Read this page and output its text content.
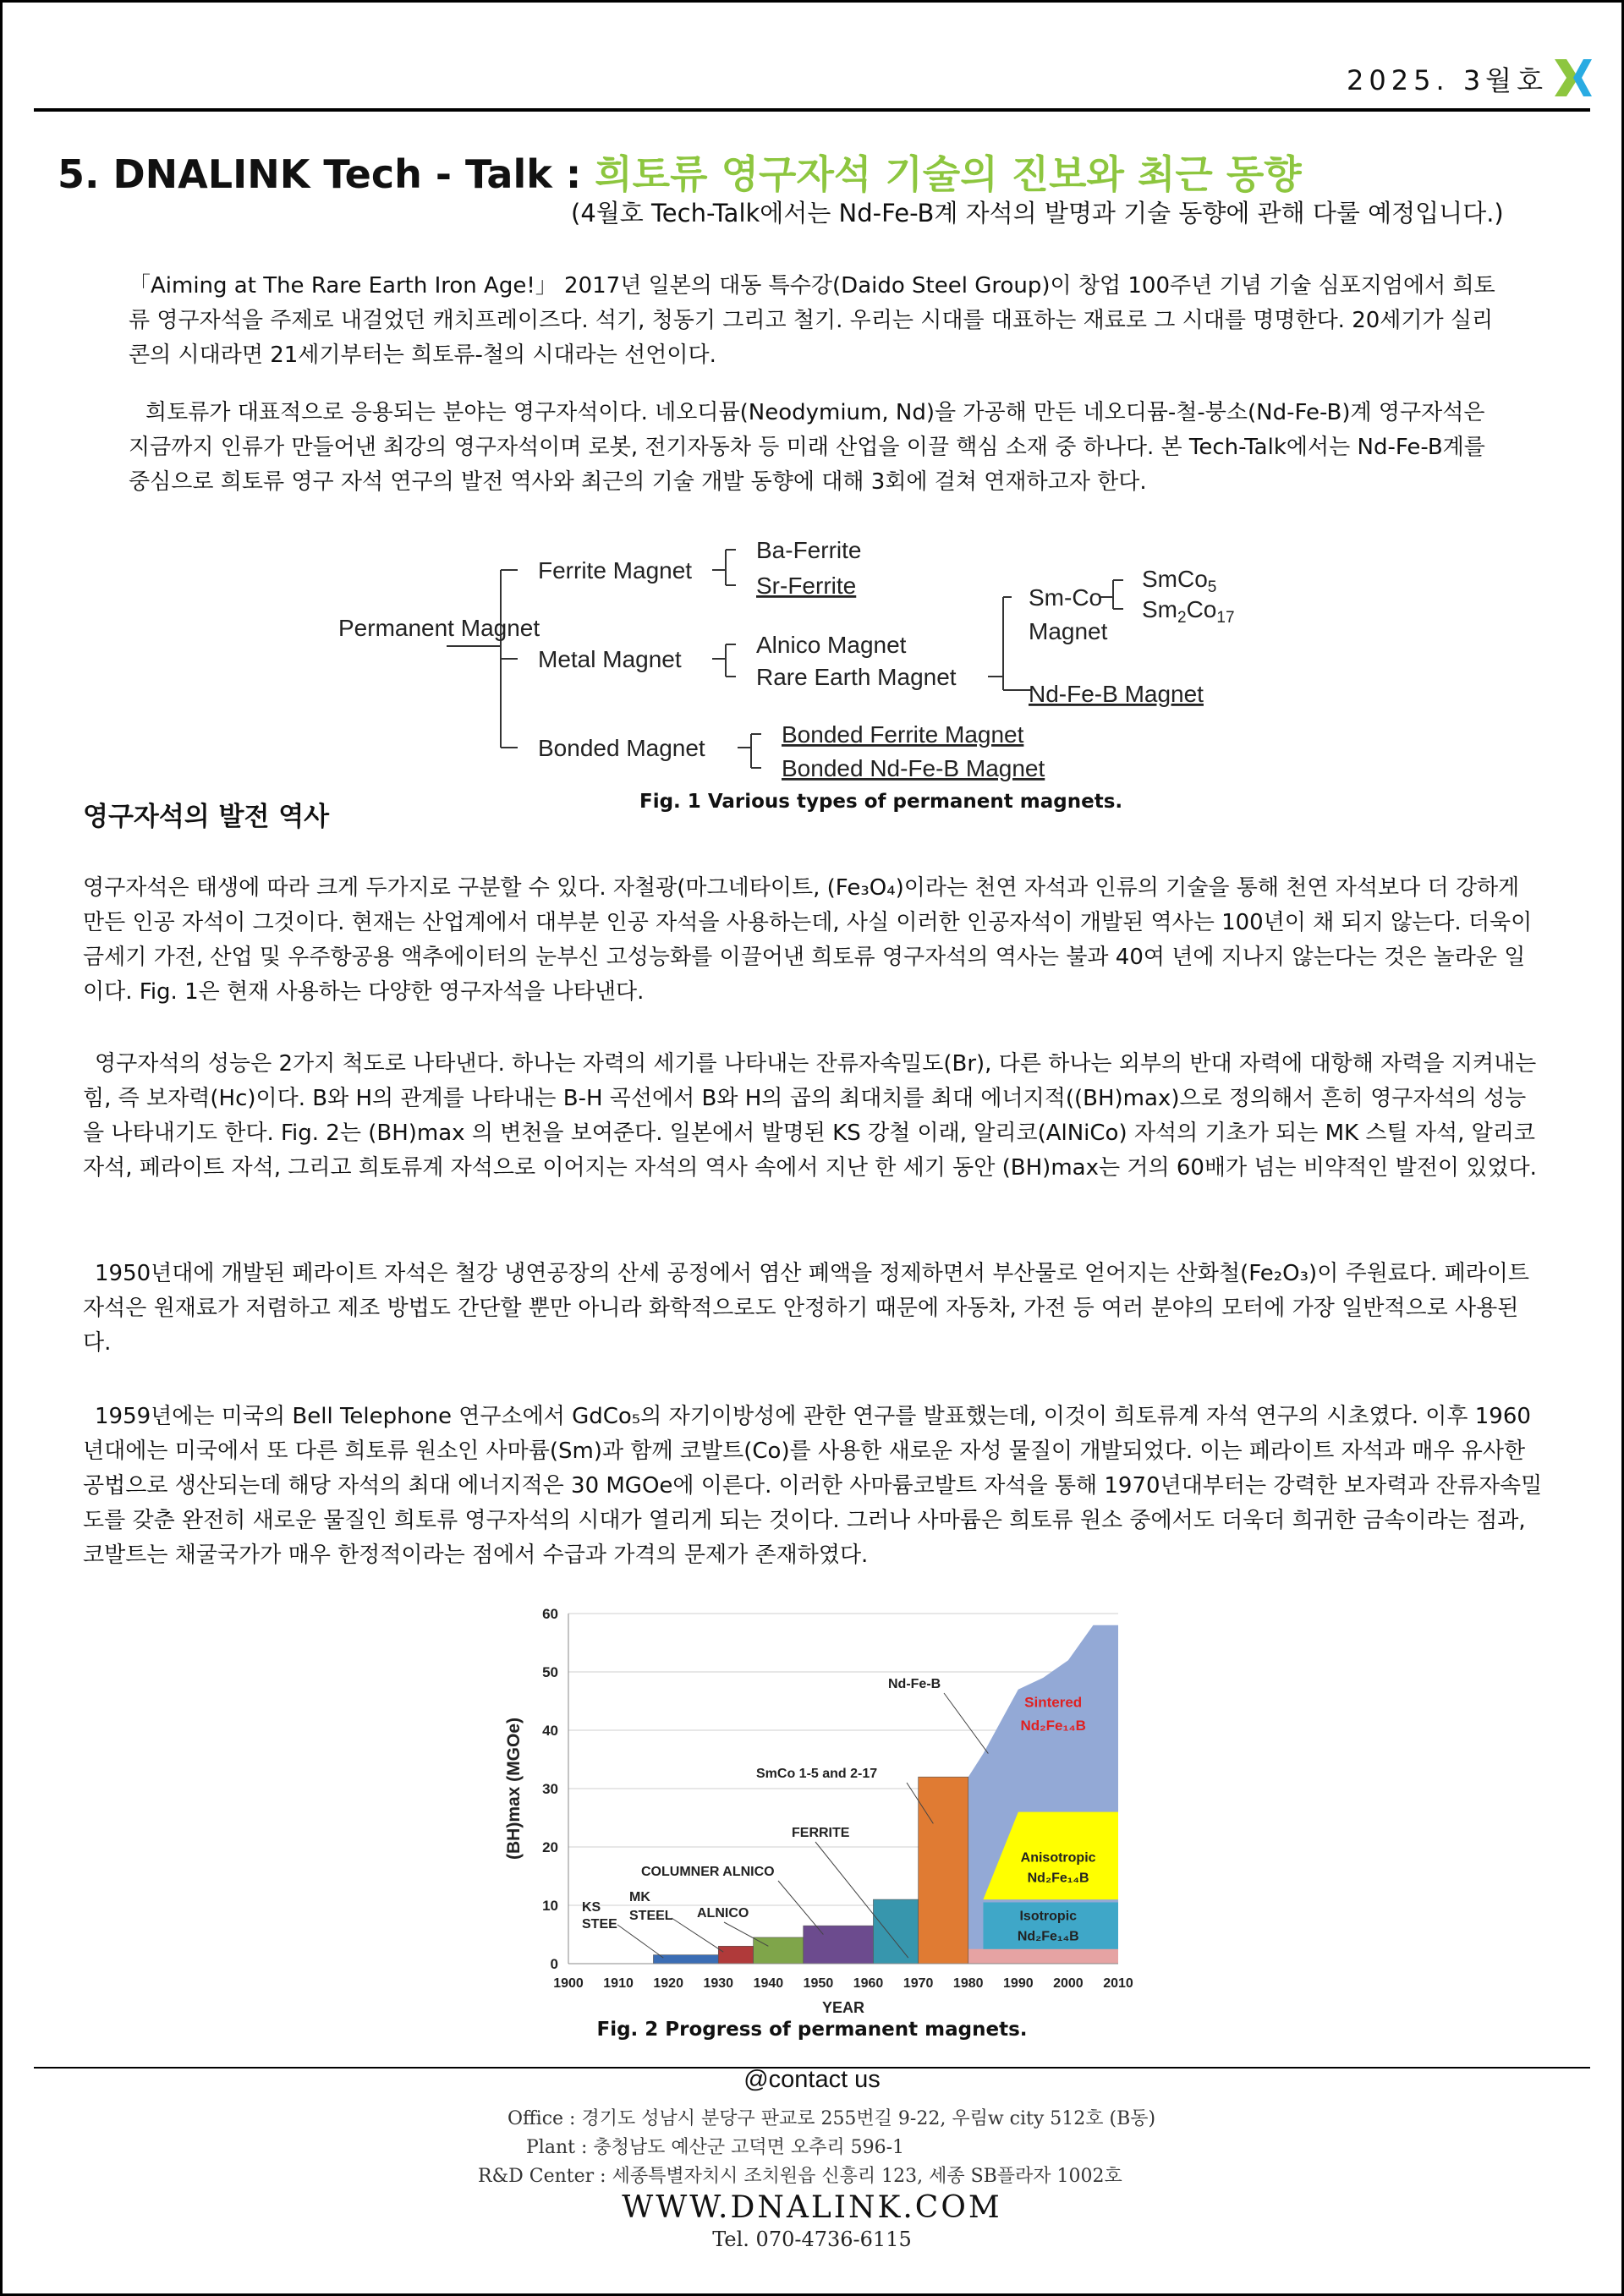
2025. 3월호
5. DNALINK Tech - Talk : 희토류 영구자석 기술의 진보와 최근 동향
(4월호 Tech-Talk에서는 Nd-Fe-B계 자석의 발명과 기술 동향에 관해 다룰 예정입니다.)

「Aiming at The Rare Earth Iron Age!」 2017년 일본의 대동 특수강(Daido Steel Group)이 창업 100주년 기념 기술 심포지엄에서 희토류 영구자석을 주제로 내걸었던 캐치프레이즈다. 석기, 청동기 그리고 철기. 우리는 시대를 대표하는 재료로 그 시대를 명명한다. 20세기가 실리콘의 시대라면 21세기부터는 희토류-철의 시대라는 선언이다.

희토류가 대표적으로 응용되는 분야는 영구자석이다. 네오디뮴(Neodymium, Nd)을 가공해 만든 네오디뮴-철-붕소(Nd-Fe-B)계 영구자석은 지금까지 인류가 만들어낸 최강의 영구자석이며 로봇, 전기자동차 등 미래 산업을 이끌 핵심 소재 중 하나다. 본 Tech-Talk에서는 Nd-Fe-B계를 중심으로 희토류 영구 자석 연구의 발전 역사와 최근의 기술 개발 동향에 대해 3회에 걸쳐 연재하고자 한다.

Permanent Magnet
Ferrite Magnet
Metal Magnet
Bonded Magnet
Ba-Ferrite
Sr-Ferrite
Alnico Magnet
Rare Earth Magnet
Bonded Ferrite Magnet
Bonded Nd-Fe-B Magnet
Nd-Fe-B Magnet
SmCo$_5$
$Sm_2Co_{17}$
Sm-Co
Magnet
영구자석의 발전 역사	Fig. 1 Various types of permanent magnets.

영구자석은 태생에 따라 크게 두가지로 구분할 수 있다. 자철광(마그네타이트, (Fe₃O₄)이라는 천연 자석과 인류의 기술을 통해 천연 자석보다 더 강하게 만든 인공 자석이 그것이다. 현재는 산업계에서 대부분 인공 자석을 사용하는데, 사실 이러한 인공자석이 개발된 역사는 100년이 채 되지 않는다. 더욱이 금세기 가전, 산업 및 우주항공용 액추에이터의 눈부신 고성능화를 이끌어낸 희토류 영구자석의 역사는 불과 40여 년에 지나지 않는다는 것은 놀라운 일이다. Fig. 1은 현재 사용하는 다양한 영구자석을 나타낸다.

영구자석의 성능은 2가지 척도로 나타낸다. 하나는 자력의 세기를 나타내는 잔류자속밀도(Br), 다른 하나는 외부의 반대 자력에 대항해 자력을 지켜내는 힘, 즉 보자력(Hc)이다. B와 H의 관계를 나타내는 B-H 곡선에서 B와 H의 곱의 최대치를 최대 에너지적((BH)max)으로 정의해서 흔히 영구자석의 성능을 나타내기도 한다. Fig. 2는 (BH)max 의 변천을 보여준다. 일본에서 발명된 KS 강철 이래, 알리코(AlNiCo) 자석의 기초가 되는 MK 스틸 자석, 알리코 자석, 페라이트 자석, 그리고 희토류계 자석으로 이어지는 자석의 역사 속에서 지난 한 세기 동안 (BH)max는 거의 60배가 넘는 비약적인 발전이 있었다.

1950년대에 개발된 페라이트 자석은 철강 냉연공장의 산세 공정에서 염산 폐액을 정제하면서 부산물로 얻어지는 산화철(Fe₂O₃)이 주원료다. 페라이트 자석은 원재료가 저렴하고 제조 방법도 간단할 뿐만 아니라 화학적으로도 안정하기 때문에 자동차, 가전 등 여러 분야의 모터에 가장 일반적으로 사용된다.

1959년에는 미국의 Bell Telephone 연구소에서 GdCo₅의 자기이방성에 관한 연구를 발표했는데, 이것이 희토류계 자석 연구의 시초였다. 이후 1960년대에는 미국에서 또 다른 희토류 원소인 사마륨(Sm)과 함께 코발트(Co)를 사용한 새로운 자성 물질이 개발되었다. 이는 페라이트 자석과 매우 유사한 공법으로 생산되는데 해당 자석의 최대 에너지적은 30 MGOe에 이른다. 이러한 사마륨코발트 자석을 통해 1970년대부터는 강력한 보자력과 잔류자속밀도를 갖춘 완전히 새로운 물질인 희토류 영구자석의 시대가 열리게 되는 것이다. 그러나 사마륨은 희토류 원소 중에서도 더욱더 희귀한 금속이라는 점과, 코발트는 채굴국가가 매우 한정적이라는 점에서 수급과 가격의 문제가 존재하였다.

0
10
20
30
40
50
60
1900 1910 1920 1930 1940 1950 1960 1970 1980 1990 2000 2010
YEAR
(BH)max (MGOe)
KS
STEE
MK
STEEL ALNICO
COLUMNER ALNICO
FERRITE
SmCo 1-5 and 2-17
Nd-Fe-B
Sintered
Nd₂Fe₁₄B
Anisotropic
Nd₂Fe₁₄B
Isotropic
Nd₂Fe₁₄B
Fig. 2 Progress of permanent magnets.
@contact us
Office : 경기도 성남시 분당구 판교로 255번길 9-22, 우림w city 512호 (B동)
Plant : 충청남도 예산군 고덕면 오추리 596-1
R&D Center : 세종특별자치시 조치원읍 신흥리 123, 세종 SB플라자 1002호
WWW.DNALINK.COM
Tel. 070-4736-6115
